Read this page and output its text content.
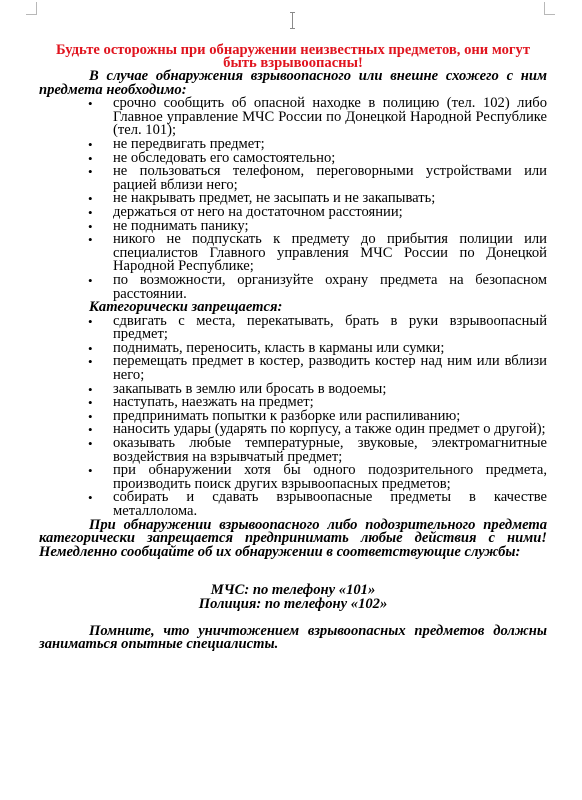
Будьте осторожны при обнаружении неизвестных предметов, они могут быть взрывоопасны!

В случае обнаружения взрывоопасного или внешне схожего с ним предмета необходимо:

• срочно сообщить об опасной находке в полицию (тел. 102) либо Главное управление МЧС России по Донецкой Народной Республике (тел. 101);
• не передвигать предмет;
• не обследовать его самостоятельно;
• не пользоваться телефоном, переговорными устройствами или рацией вблизи него;
• не накрывать предмет, не засыпать и не закапывать;
• держаться от него на достаточном расстоянии;
• не поднимать панику;
• никого не подпускать к предмету до прибытия полиции или специалистов Главного управления МЧС России по Донецкой Народной Республике;
• по возможности, организуйте охрану предмета на безопасном расстоянии.

Категорически запрещается:

• сдвигать с места, перекатывать, брать в руки взрывоопасный предмет;
• поднимать, переносить, класть в карманы или сумки;
• перемещать предмет в костер, разводить костер над ним или вблизи него;
• закапывать в землю или бросать в водоемы;
• наступать, наезжать на предмет;
• предпринимать попытки к разборке или распиливанию;
• наносить удары (ударять по корпусу, а также один предмет о другой);
• оказывать любые температурные, звуковые, электромагнитные воздействия на взрывчатый предмет;
• при обнаружении хотя бы одного подозрительного предмета, производить поиск других взрывоопасных предметов;
• собирать и сдавать взрывоопасные предметы в качестве металлолома.

При обнаружении взрывоопасного либо подозрительного предмета категорически запрещается предпринимать любые действия с ними! Немедленно сообщайте об их обнаружении в соответствующие службы:

МЧС: по телефону «101»

Полиция: по телефону «102»

Помните, что уничтожением взрывоопасных предметов должны заниматься опытные специалисты.
